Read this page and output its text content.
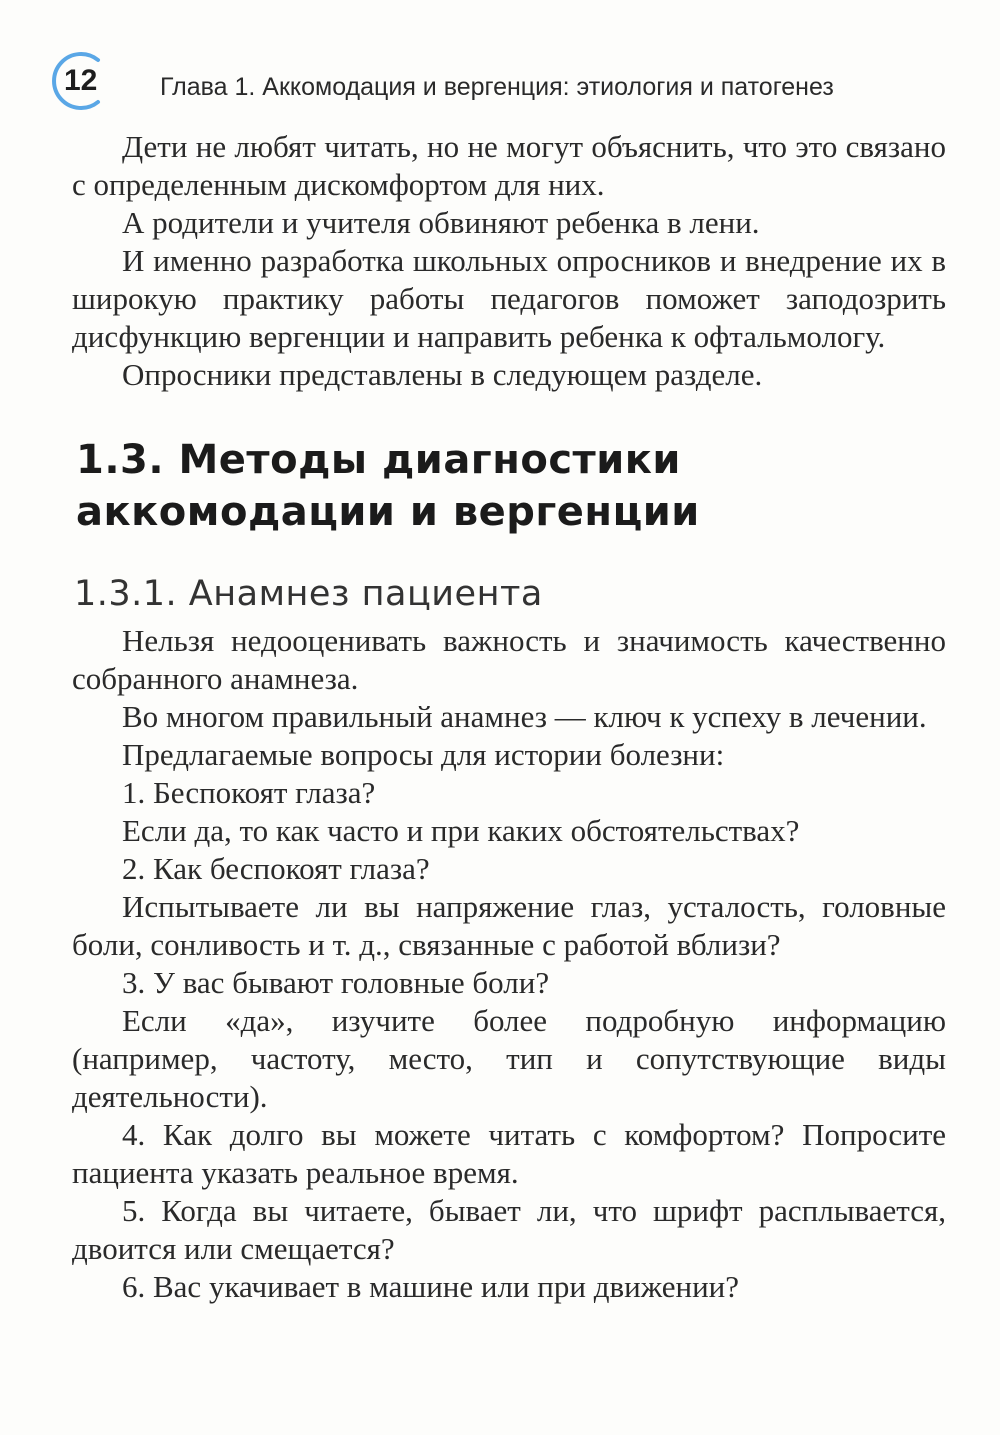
12	Глава 1. Аккомодация и вергенция: этиология и патогенез

Дети не любят читать, но не могут объяснить, что это связано с определенным дискомфортом для них.

А родители и учителя обвиняют ребенка в лени.

И именно разработка школьных опросников и внедрение их в широкую практику работы педагогов поможет заподозрить дисфункцию вергенции и направить ребенка к офтальмологу.

Опросники представлены в следующем разделе.

1.3. Методы диагностики аккомодации и вергенции
1.3.1. Анамнез пациента

Нельзя недооценивать важность и значимость качественно собранного анамнеза.

Во многом правильный анамнез — ключ к успеху в лечении.

Предлагаемые вопросы для истории болезни:

1. Беспокоят глаза?

Если да, то как часто и при каких обстоятельствах?

2. Как беспокоят глаза?

Испытываете ли вы напряжение глаз, усталость, головные боли, сонливость и т. д., связанные с работой вблизи?

3. У вас бывают головные боли?

Если «да», изучите более подробную информацию (например, частоту, место, тип и сопутствующие виды деятельности).

4. Как долго вы можете читать с комфортом? Попросите пациента указать реальное время.

5. Когда вы читаете, бывает ли, что шрифт расплывается, двоится или смещается?

6. Вас укачивает в машине или при движении?
